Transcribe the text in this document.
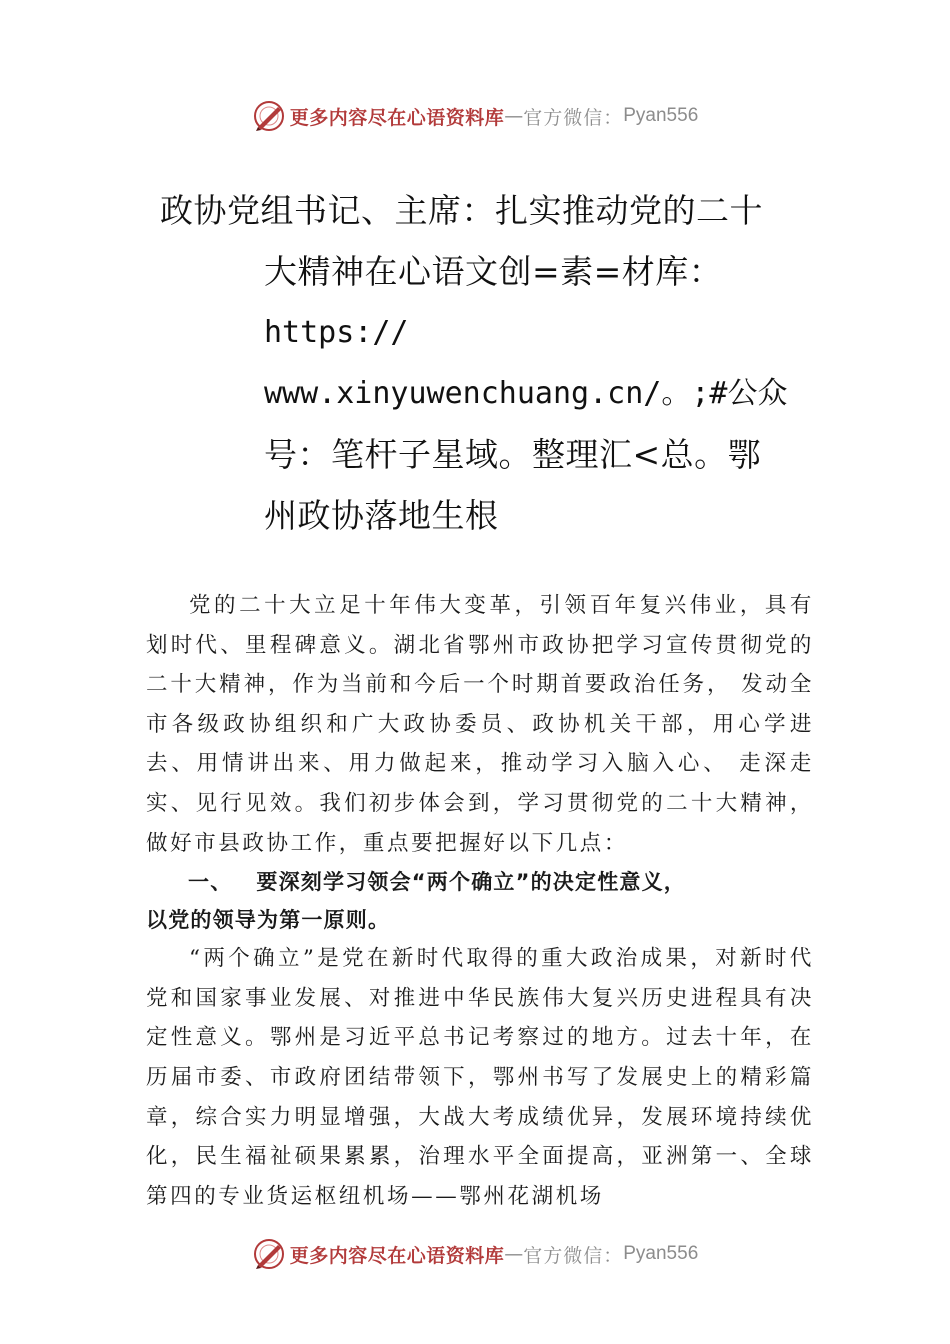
更多内容尽在心语资料库 — 官方微信： Pyan556
政协党组书记、主席：扎实推动党的二十
大精神在心语文创=素=材库：
https://
www.xinyuwenchuang.cn/。;#公众
号：笔杆子星域。整理汇<总。鄂
州政协落地生根

党的二十大立足十年伟大变革，引领百年复兴伟业，具有划时代、里程碑意义。湖北省鄂州市政协把学习宣传贯彻党的二十大精神，作为当前和今后一个时期首要政治任务， 发动全市各级政协组织和广大政协委员、政协机关干部，用心学进去、用情讲出来、用力做起来，推动学习入脑入心、 走深走实、见行见效。我们初步体会到，学习贯彻党的二十大精神，做好市县政协工作，重点要把握好以下几点：

一、 要深刻学习领会“两个确立”的决定性意义，
以党的领导为第一原则。

“两个确立”是党在新时代取得的重大政治成果，对新时代党和国家事业发展、对推进中华民族伟大复兴历史进程具有决定性意义。鄂州是习近平总书记考察过的地方。过去十年，在历届市委、市政府团结带领下，鄂州书写了发展史上的精彩篇章，综合实力明显增强，大战大考成绩优异，发展环境持续优化，民生福祉硕果累累，治理水平全面提高，亚洲第一、全球第四的专业货运枢纽机场——鄂州花湖机场

更多内容尽在心语资料库 — 官方微信： Pyan556
